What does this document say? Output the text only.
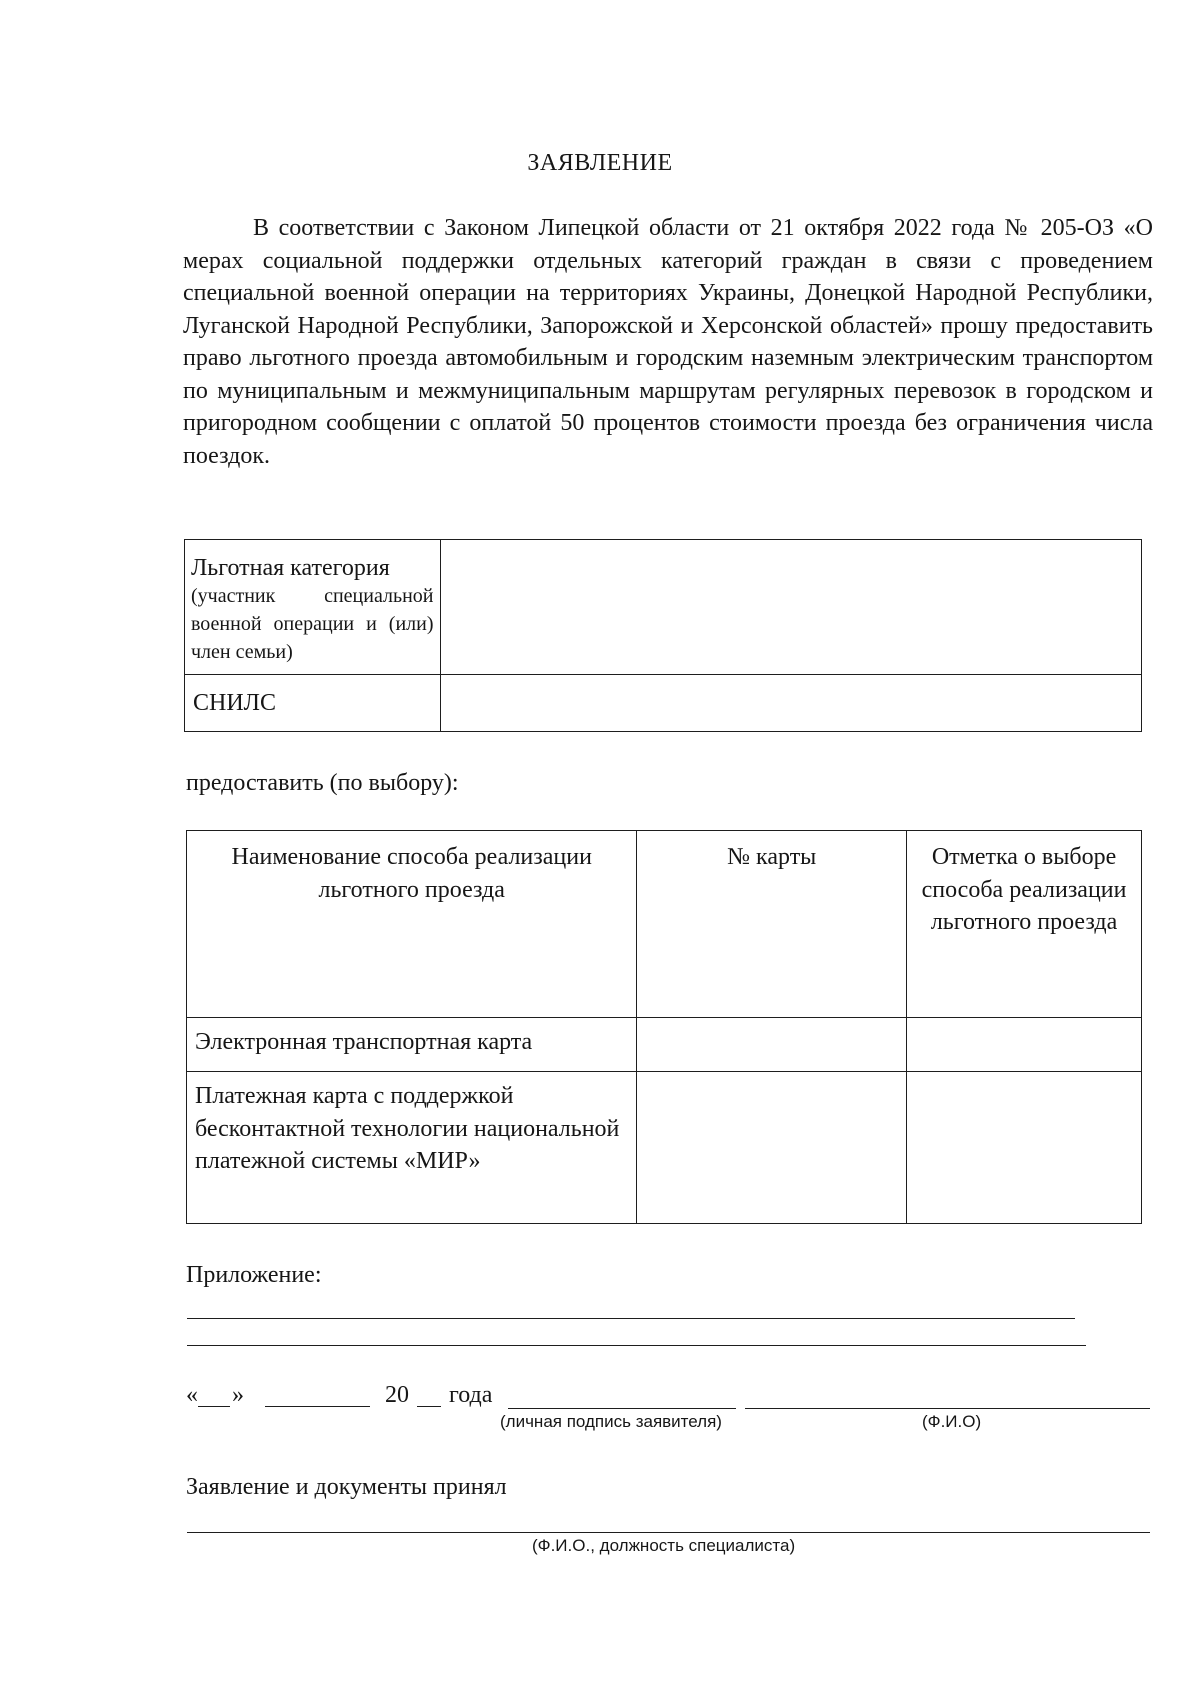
ЗАЯВЛЕНИЕ
В соответствии с Законом Липецкой области от 21 октября 2022 года № 205-ОЗ «О мерах социальной поддержки отдельных категорий граждан в связи с проведением специальной военной операции на территориях Украины, Донецкой Народной Республики, Луганской Народной Республики, Запорожской и Херсонской областей» прошу предоставить право льготного проезда автомобильным и городским наземным электрическим транспортом по муниципальным и межмуниципальным маршрутам регулярных перевозок в городском и пригородном сообщении с оплатой 50 процентов стоимости проезда без ограничения числа поездок.
Льготная категория
(участник специальной военной операции и (или) член семьи)	

СНИЛС	

предоставить (по выбору):
Наименование способа реализации льготного проезда	№ карты	Отметка о выборе способа реализации льготного проезда
Электронная транспортная карта		
Платежная карта с поддержкой бесконтактной технологии национальной платежной системы «МИР»		
Приложение:
« »	20 года
(личная подпись заявителя)	(Ф.И.О)
Заявление и документы принял
(Ф.И.О., должность специалиста)
